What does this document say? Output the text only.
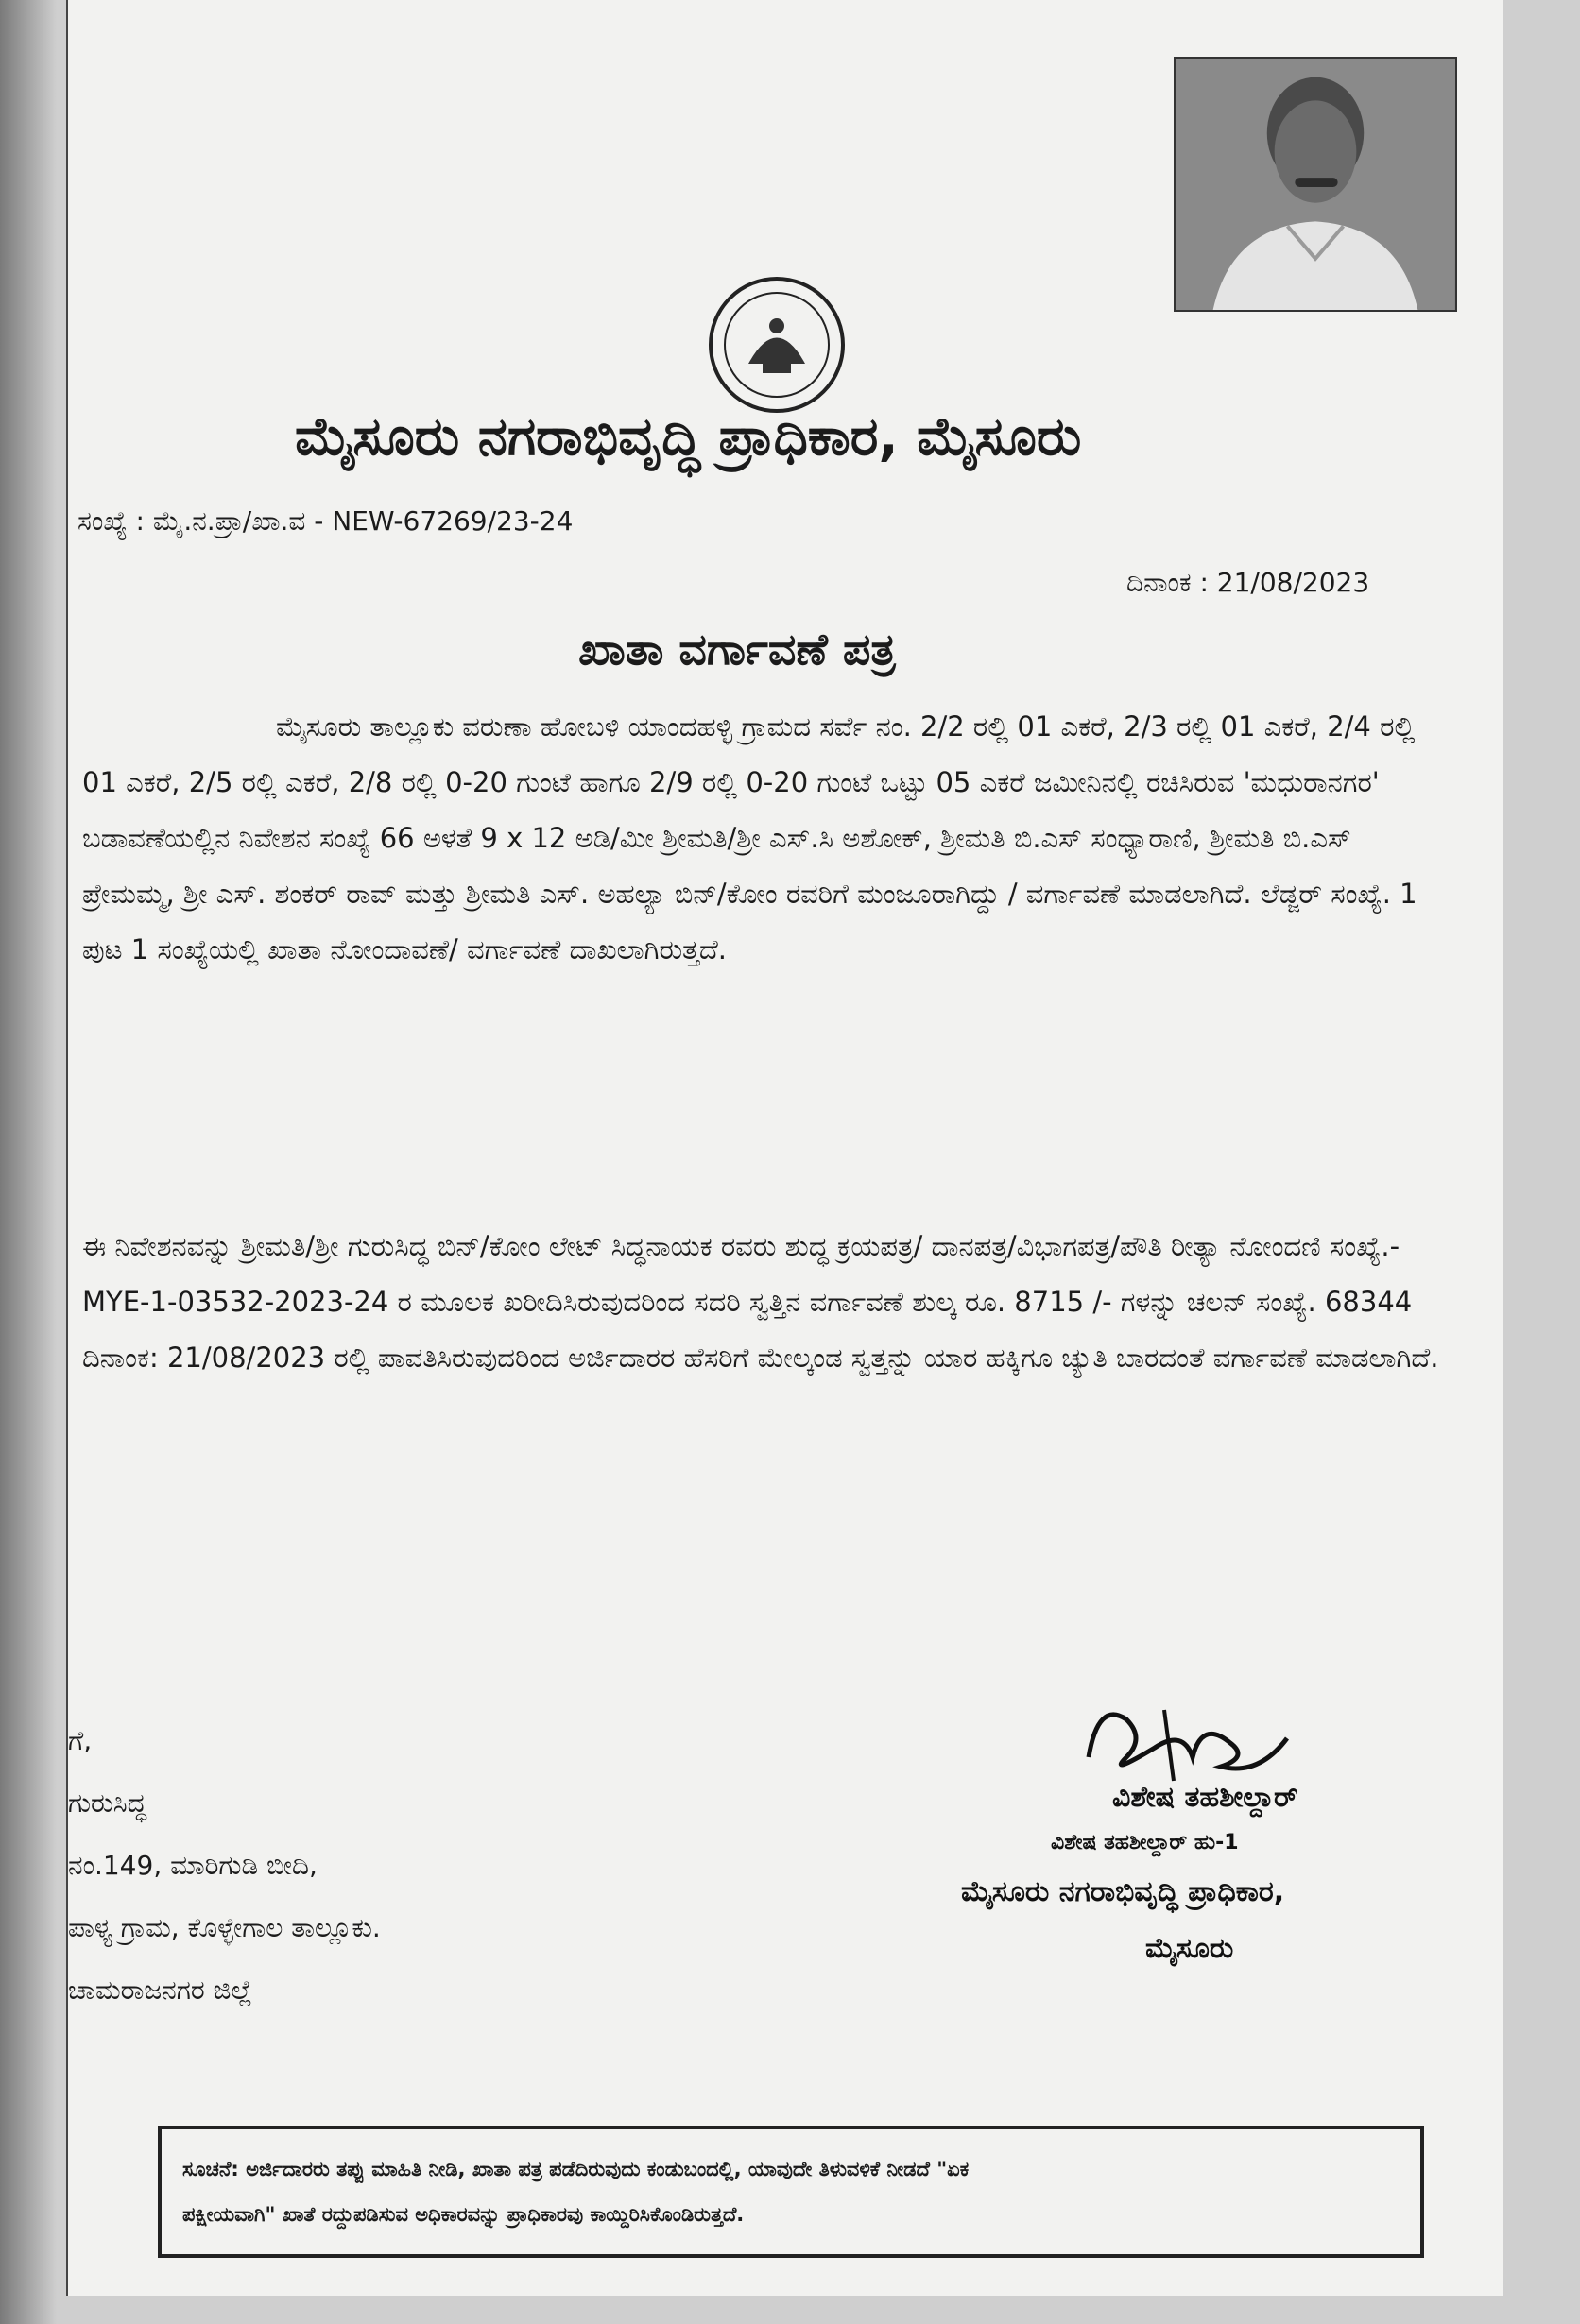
ಮೈಸೂರು ನಗರಾಭಿವೃದ್ಧಿ ಪ್ರಾಧಿಕಾರ, ಮೈಸೂರು
ಸಂಖ್ಯೆ : ಮೈ.ನ.ಪ್ರಾ/ಖಾ.ವ - NEW-67269/23-24
ದಿನಾಂಕ : 21/08/2023
ಖಾತಾ ವರ್ಗಾವಣೆ ಪತ್ರ
ಮೈಸೂರು ತಾಲ್ಲೂಕು ವರುಣಾ ಹೋಬಳಿ ಯಾಂದಹಳ್ಳಿ ಗ್ರಾಮದ ಸರ್ವೆ ನಂ. 2/2 ರಲ್ಲಿ 01 ಎಕರೆ, 2/3 ರಲ್ಲಿ 01 ಎಕರೆ, 2/4 ರಲ್ಲಿ 01 ಎಕರೆ, 2/5 ರಲ್ಲಿ ಎಕರೆ, 2/8 ರಲ್ಲಿ 0-20 ಗುಂಟೆ ಹಾಗೂ 2/9 ರಲ್ಲಿ 0-20 ಗುಂಟೆ ಒಟ್ಟು 05 ಎಕರೆ ಜಮೀನಿನಲ್ಲಿ ರಚಿಸಿರುವ 'ಮಧುರಾನಗರ' ಬಡಾವಣೆಯಲ್ಲಿನ ನಿವೇಶನ ಸಂಖ್ಯೆ 66 ಅಳತೆ 9 x 12 ಅಡಿ/ಮೀ ಶ್ರೀಮತಿ/ಶ್ರೀ ಎಸ್.ಸಿ ಅಶೋಕ್, ಶ್ರೀಮತಿ ಬಿ.ಎಸ್ ಸಂಧ್ಯಾರಾಣಿ, ಶ್ರೀಮತಿ ಬಿ.ಎಸ್ ಪ್ರೇಮಮ್ಮ, ಶ್ರೀ ಎಸ್. ಶಂಕರ್ ರಾವ್ ಮತ್ತು ಶ್ರೀಮತಿ ಎಸ್. ಅಹಲ್ಯಾ ಬಿನ್/ಕೋಂ ರವರಿಗೆ ಮಂಜೂರಾಗಿದ್ದು / ವರ್ಗಾವಣೆ ಮಾಡಲಾಗಿದೆ. ಲೆಡ್ಜರ್ ಸಂಖ್ಯೆ. 1 ಪುಟ 1 ಸಂಖ್ಯೆಯಲ್ಲಿ ಖಾತಾ ನೋಂದಾವಣೆ/ ವರ್ಗಾವಣೆ ದಾಖಲಾಗಿರುತ್ತದೆ.
ಈ ನಿವೇಶನವನ್ನು ಶ್ರೀಮತಿ/ಶ್ರೀ ಗುರುಸಿದ್ಧ ಬಿನ್/ಕೋಂ ಲೇಟ್ ಸಿದ್ಧನಾಯಕ ರವರು ಶುದ್ಧ ಕ್ರಯಪತ್ರ/ ದಾನಪತ್ರ/ವಿಭಾಗಪತ್ರ/ಪೌತಿ ರೀತ್ಯಾ ನೋಂದಣಿ ಸಂಖ್ಯೆ.- MYE-1-03532-2023-24 ರ ಮೂಲಕ ಖರೀದಿಸಿರುವುದರಿಂದ ಸದರಿ ಸ್ವತ್ತಿನ ವರ್ಗಾವಣೆ ಶುಲ್ಕ ರೂ. 8715 /- ಗಳನ್ನು ಚಲನ್ ಸಂಖ್ಯೆ. 68344 ದಿನಾಂಕ: 21/08/2023 ರಲ್ಲಿ ಪಾವತಿಸಿರುವುದರಿಂದ ಅರ್ಜಿದಾರರ ಹೆಸರಿಗೆ ಮೇಲ್ಕಂಡ ಸ್ವತ್ತನ್ನು ಯಾರ ಹಕ್ಕಿಗೂ ಚ್ಯುತಿ ಬಾರದಂತೆ ವರ್ಗಾವಣೆ ಮಾಡಲಾಗಿದೆ.
ಗೆ,
ಗುರುಸಿದ್ಧ
ನಂ.149, ಮಾರಿಗುಡಿ ಬೀದಿ,
ಪಾಳ್ಯ ಗ್ರಾಮ, ಕೊಳ್ಳೇಗಾಲ ತಾಲ್ಲೂಕು.
ಚಾಮರಾಜನಗರ ಜಿಲ್ಲೆ
ವಿಶೇಷ ತಹಶೀಲ್ದಾರ್
ವಿಶೇಷ ತಹಶೀಲ್ದಾರ್ ಹು-1
ಮೈಸೂರು ನಗರಾಭಿವೃದ್ಧಿ ಪ್ರಾಧಿಕಾರ,
ಮೈಸೂರು
ಸೂಚನೆ: ಅರ್ಜಿದಾರರು ತಪ್ಪು ಮಾಹಿತಿ ನೀಡಿ, ಖಾತಾ ಪತ್ರ ಪಡೆದಿರುವುದು ಕಂಡುಬಂದಲ್ಲಿ, ಯಾವುದೇ ತಿಳುವಳಿಕೆ ನೀಡದೆ "ಏಕ
ಪಕ್ಷೀಯವಾಗಿ" ಖಾತೆ ರದ್ದುಪಡಿಸುವ ಅಧಿಕಾರವನ್ನು ಪ್ರಾಧಿಕಾರವು ಕಾಯ್ದಿರಿಸಿಕೊಂಡಿರುತ್ತದೆ.
